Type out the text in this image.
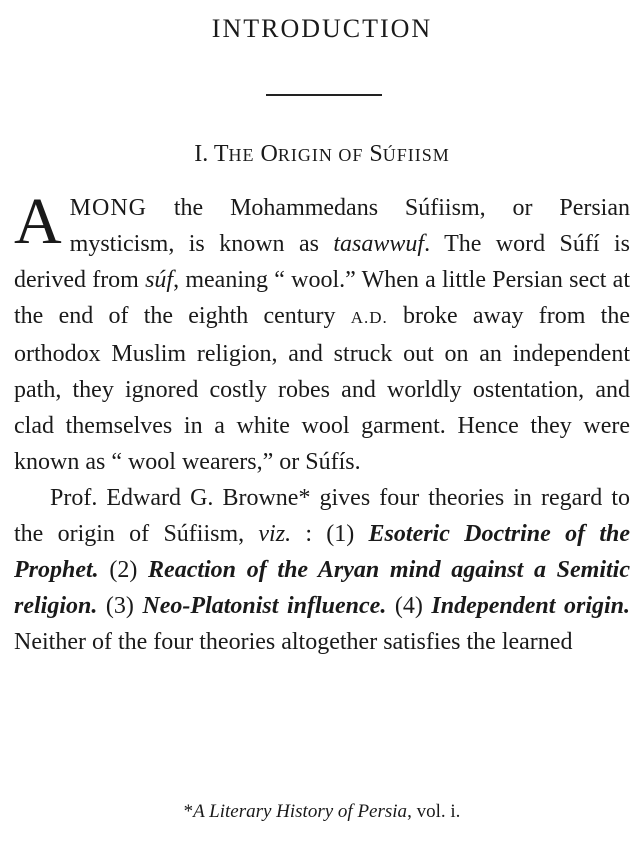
INTRODUCTION
I. THE ORIGIN OF SÚFIISM

AMONG the Mohammedans Súfiism, or Persian mysticism, is known as tasawwuf. The word Súfí is derived from súf, meaning “ wool.” When a little Persian sect at the end of the eighth century A.D. broke away from the orthodox Muslim religion, and struck out on an independent path, they ignored costly robes and worldly ostentation, and clad themselves in a white wool garment. Hence they were known as “ wool wearers,” or Súfís.

Prof. Edward G. Browne* gives four theories in regard to the origin of Súfiism, viz. : (1) Esoteric Doctrine of the Prophet. (2) Reaction of the Aryan mind against a Semitic religion. (3) Neo-Platonist influence. (4) Independent origin. Neither of the four theories altogether satisfies the learned

*A Literary History of Persia, vol. i.
